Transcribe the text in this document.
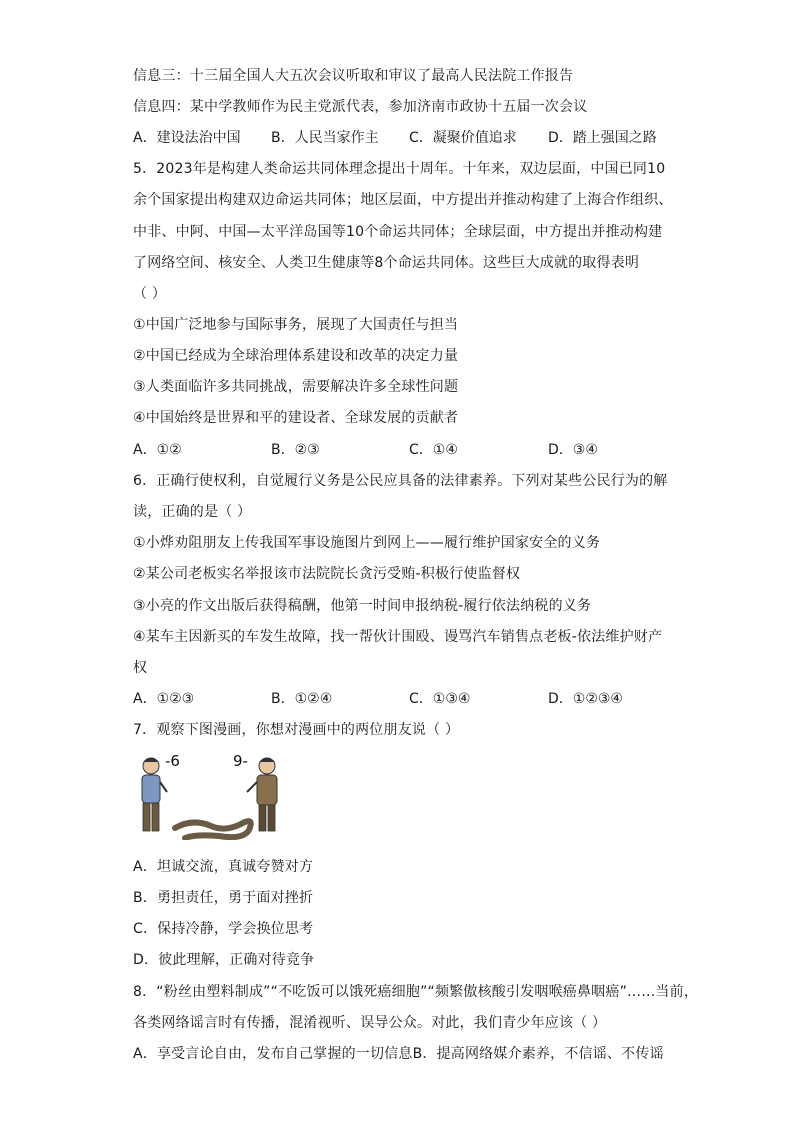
信息三：十三届全国人大五次会议听取和审议了最高人民法院工作报告
信息四：某中学教师作为民主党派代表，参加济南市政协十五届一次会议
A．建设法治中国 B．人民当家作主 C．凝聚价值追求 D．踏上强国之路
5．2023年是构建人类命运共同体理念提出十周年。十年来，双边层面，中国已同10
余个国家提出构建双边命运共同体；地区层面，中方提出并推动构建了上海合作组织、
中非、中阿、中国—太平洋岛国等10个命运共同体；全球层面，中方提出并推动构建
了网络空间、核安全、人类卫生健康等8个命运共同体。这些巨大成就的取得表明
（ ）
①中国广泛地参与国际事务，展现了大国责任与担当
②中国已经成为全球治理体系建设和改革的决定力量
③人类面临许多共同挑战，需要解决许多全球性问题
④中国始终是世界和平的建设者、全球发展的贡献者
A．①②	B．②③	C．①④	D．③④
6．正确行使权利，自觉履行义务是公民应具备的法律素养。下列对某些公民行为的解
读，正确的是（ ）
①小烨劝阻朋友上传我国军事设施图片到网上——履行维护国家安全的义务
②某公司老板实名举报该市法院院长贪污受贿-积极行使监督权
③小亮的作文出版后获得稿酬，他第一时间申报纳税-履行依法纳税的义务
④某车主因新买的车发生故障，找一帮伙计围殴、谩骂汽车销售点老板-依法维护财产
权
A．①②③	B．①②④	C．①③④	D．①②③④
7．观察下图漫画，你想对漫画中的两位朋友说（ ）
-6	9-
A．坦诚交流，真诚夸赞对方
B．勇担责任，勇于面对挫折
C．保持冷静，学会换位思考
D．彼此理解，正确对待竞争
8．“粉丝由塑料制成”“不吃饭可以饿死癌细胞”“频繁傲核酸引发咽喉癌鼻咽癌”……当前，
各类网络谣言时有传播，混淆视听、误导公众。对此，我们青少年应该（ ）
A．享受言论自由，发布自己掌握的一切信息B．提高网络媒介素养，不信谣、不传谣
